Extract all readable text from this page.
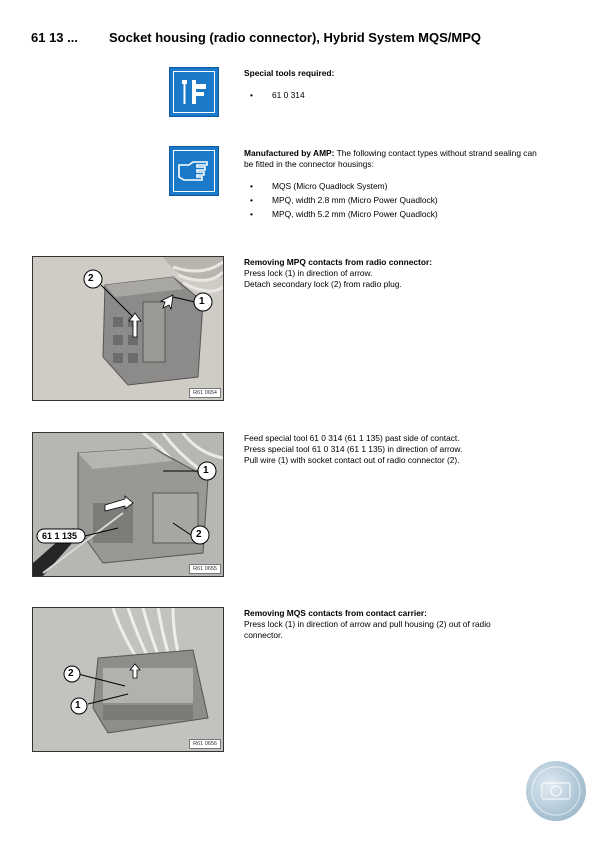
61 13 ... Socket housing (radio connector), Hybrid System MQS/MPQ
Special tools required:
• 61 0 314
Manufactured by AMP: The following contact types without strand sealing can be fitted in the connector housings:
• MQS (Micro Quadlock System)
• MPQ, width 2.8 mm (Micro Power Quadlock)
• MPQ, width 5.2 mm (Micro Power Quadlock)
2
1
R61 0654
Removing MPQ contacts from radio connector:
Press lock (1) in direction of arrow.
Detach secondary lock (2) from radio plug.
1
2
61 1 135
R61 0655
Feed special tool 61 0 314 (61 1 135) past side of contact.
Press special tool 61 0 314 (61 1 135) in direction of arrow.
Pull wire (1) with socket contact out of radio connector (2).
2
1
R61 0656
Removing MQS contacts from contact carrier:
Press lock (1) in direction of arrow and pull housing (2) out of radio
connector.
